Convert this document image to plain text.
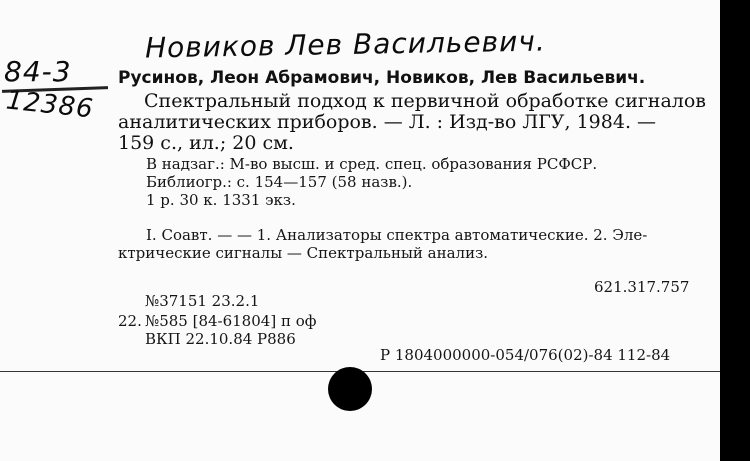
Новиков Лев Васильевич.
84-3
12386
Русинов, Леон Абрамович, Новиков, Лев Васильевич.
Спектральный подход к первичной обработке сигналов
аналитических приборов. — Л. : Изд-во ЛГУ, 1984. —
159 с., ил.; 20 см.
В надзаг.: М-во высш. и сред. спец. образования РСФСР.
Библиогр.: с. 154—157 (58 назв.).
1 р. 30 к. 1331 экз.
I. Соавт. — — 1. Анализаторы спектра автоматические. 2. Эле-
ктрические сигналы — Спектральный анализ.
621.317.757
№37151 23.2.1
22. №585 [84-61804] п оф
ВКП 22.10.84 Р886
Р 1804000000-054/076(02)-84 112-84
